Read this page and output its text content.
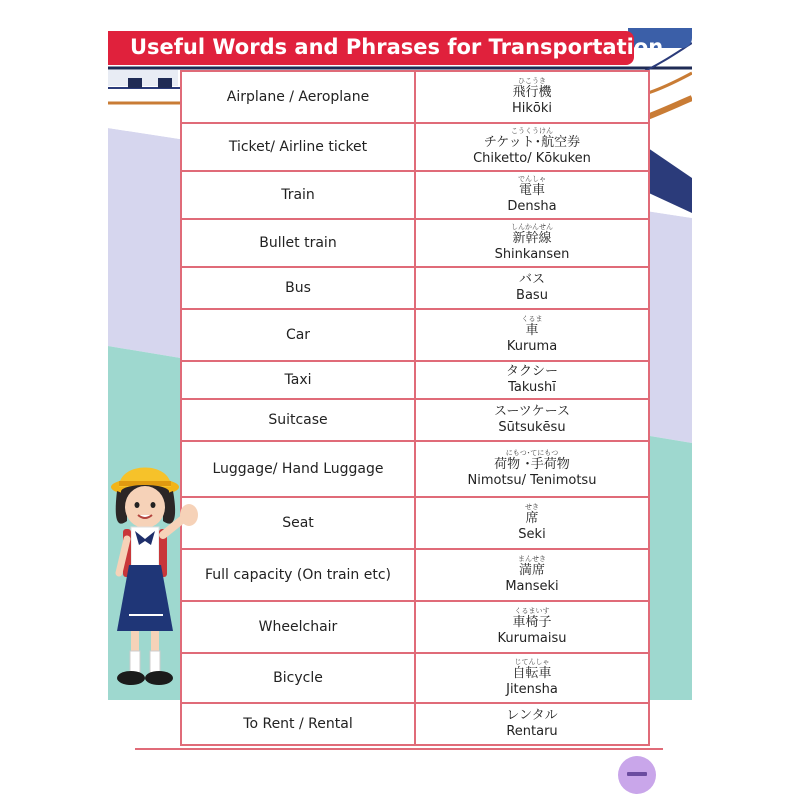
Useful Words and Phrases for Transportation
Airplane / Aeroplane	ひこうき
飛行機
Hikōki

Ticket/ Airline ticket	こうくうけん
チケット･航空券
Chiketto/ Kōkuken

Train	でんしゃ
電車
Densha

Bullet train	しんかんせん
新幹線
Shinkansen

Bus	バス
Basu

Car	くるま
車
Kuruma

Taxi	タクシー
Takushī

Suitcase	スーツケース
Sūtsukēsu

Luggage/ Hand Luggage	にもつ･てにもつ
荷物 ･手荷物
Nimotsu/ Tenimotsu

Seat	せき
席
Seki

Full capacity (On train etc)	まんせき
満席
Manseki

Wheelchair	くるまいす
車椅子
Kurumaisu

Bicycle	じてんしゃ
自転車
Jitensha

To Rent / Rental	レンタル
Rentaru
